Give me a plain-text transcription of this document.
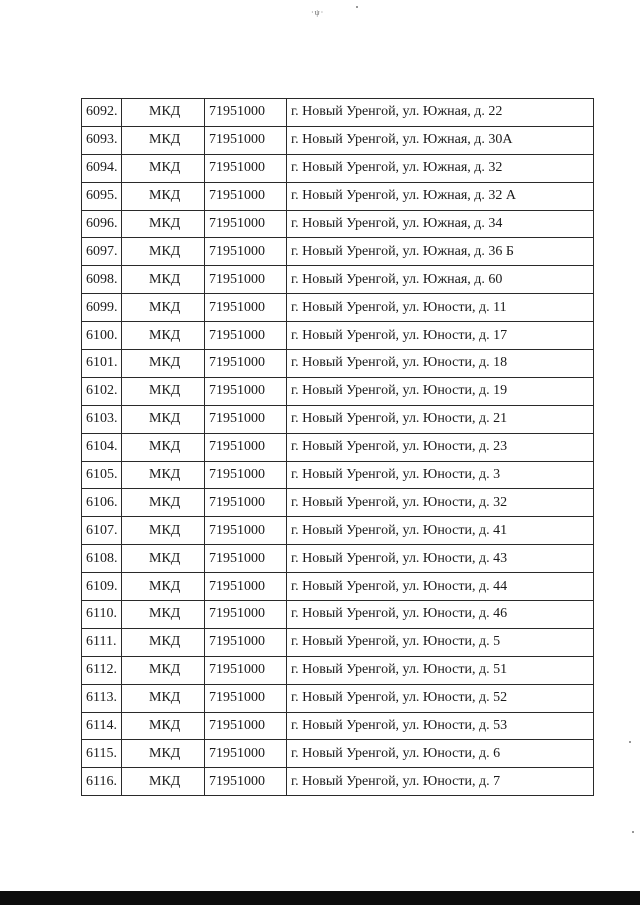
·ψ·
6092.	МКД	71951000	г. Новый Уренгой, ул. Южная, д. 22
6093.	МКД	71951000	г. Новый Уренгой, ул. Южная, д. 30А
6094.	МКД	71951000	г. Новый Уренгой, ул. Южная, д. 32
6095.	МКД	71951000	г. Новый Уренгой, ул. Южная, д. 32 А
6096.	МКД	71951000	г. Новый Уренгой, ул. Южная, д. 34
6097.	МКД	71951000	г. Новый Уренгой, ул. Южная, д. 36 Б
6098.	МКД	71951000	г. Новый Уренгой, ул. Южная, д. 60
6099.	МКД	71951000	г. Новый Уренгой, ул. Юности, д. 11
6100.	МКД	71951000	г. Новый Уренгой, ул. Юности, д. 17
6101.	МКД	71951000	г. Новый Уренгой, ул. Юности, д. 18
6102.	МКД	71951000	г. Новый Уренгой, ул. Юности, д. 19
6103.	МКД	71951000	г. Новый Уренгой, ул. Юности, д. 21
6104.	МКД	71951000	г. Новый Уренгой, ул. Юности, д. 23
6105.	МКД	71951000	г. Новый Уренгой, ул. Юности, д. 3
6106.	МКД	71951000	г. Новый Уренгой, ул. Юности, д. 32
6107.	МКД	71951000	г. Новый Уренгой, ул. Юности, д. 41
6108.	МКД	71951000	г. Новый Уренгой, ул. Юности, д. 43
6109.	МКД	71951000	г. Новый Уренгой, ул. Юности, д. 44
6110.	МКД	71951000	г. Новый Уренгой, ул. Юности, д. 46
6111.	МКД	71951000	г. Новый Уренгой, ул. Юности, д. 5
6112.	МКД	71951000	г. Новый Уренгой, ул. Юности, д. 51
6113.	МКД	71951000	г. Новый Уренгой, ул. Юности, д. 52
6114.	МКД	71951000	г. Новый Уренгой, ул. Юности, д. 53
6115.	МКД	71951000	г. Новый Уренгой, ул. Юности, д. 6
6116.	МКД	71951000	г. Новый Уренгой, ул. Юности, д. 7
